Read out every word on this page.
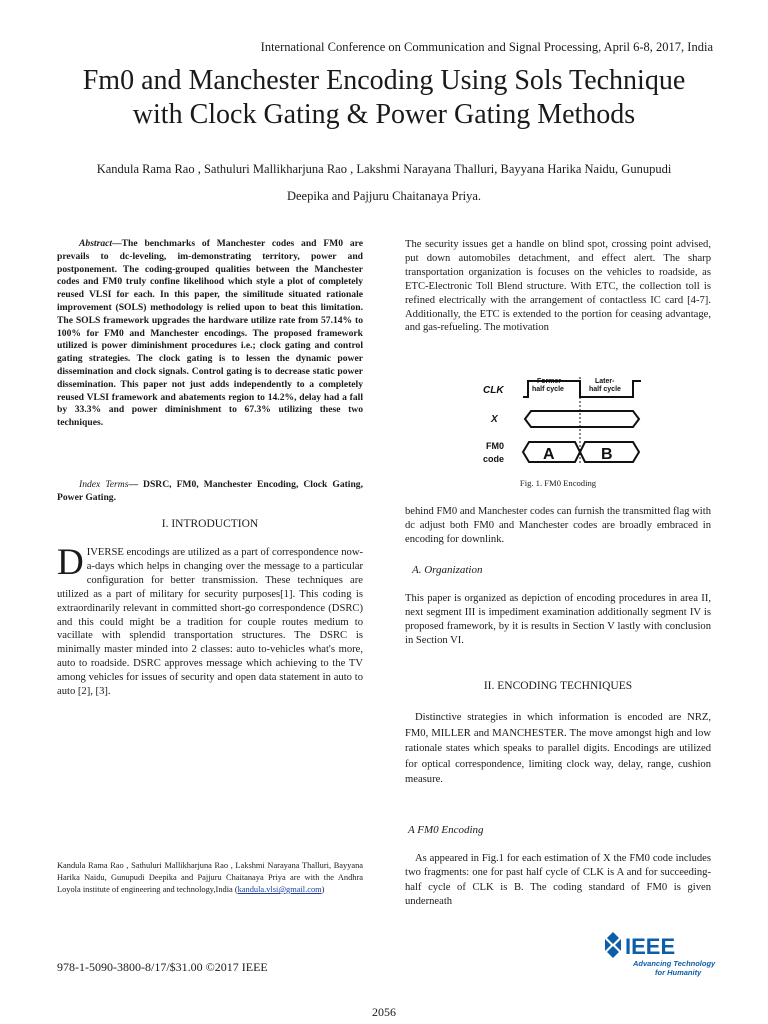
International Conference on Communication and Signal Processing, April 6-8, 2017, India
Fm0 and Manchester Encoding Using Sols Technique
with Clock Gating & Power Gating Methods
Kandula Rama Rao , Sathuluri Mallikharjuna Rao , Lakshmi Narayana Thalluri, Bayyana Harika Naidu, Gunupudi
Deepika and Pajjuru Chaitanaya Priya.
Abstract—The benchmarks of Manchester codes and FM0 are prevails to dc-leveling, im-demonstrating territory, power and postponement. The coding-grouped qualities between the Manchester codes and FM0 truly confine likelihood which style a plot of completely reused VLSI for each. In this paper, the similitude situated rationale improvement (SOLS) methodology is relied upon to beat this limitation. The SOLS framework upgrades the hardware utilize rate from 57.14% to 100% for FM0 and Manchester encodings. The proposed framework utilized is power diminishment procedures i.e.; clock gating and control gating strategies. The clock gating is to lessen the dynamic power dissemination and clock signals. Control gating is to decrease static power dissemination. This paper not just adds independently to a completely reused VLSI framework and abatements region to 14.2%, delay had a fall by 33.3% and power diminishment to 67.3% utilizing these two techniques.
Index Terms— DSRC, FM0, Manchester Encoding, Clock Gating, Power Gating.
I. INTRODUCTION

DIVERSE encodings are utilized as a part of correspondence now-a-days which helps in changing over the message to a particular configuration for better transmission. These techniques are utilized as a part of military for security purposes[1]. This coding is extraordinarily relevant in committed short-go correspondence (DSRC) and this could might be a tradition for couple routes medium to vacillate with splendid transportation structures. The DSRC is minimally master minded into 2 classes: auto to-vehicles what's more, auto to roadside. DSRC approves message which achieving to the TV among vehicles for issues of security and open data statement in auto to auto [2], [3].

Kandula Rama Rao , Sathuluri Mallikharjuna Rao , Lakshmi Narayana Thalluri, Bayyana Harika Naidu, Gunupudi Deepika and Pajjuru Chaitanaya Priya are with the Andhra Loyola institute of engineering and technology,India (kandula.vlsi@gmail.com)
978-1-5090-3800-8/17/$31.00 ©2017 IEEE
The security issues get a handle on blind spot, crossing point advised, put down automobiles detachment, and effect alert. The sharp transportation organization is focuses on the vehicles to roadside, as ETC-Electronic Toll Blend structure. With ETC, the collection toll is refined electrically with the arrangement of contactless IC card [4-7]. Additionally, the ETC is extended to the portion for ceasing advantage, and gas-refueling. The motivation
CLK
X
FM0
code
Former-
half cycle
Later-
half cycle
A	B
Fig. 1. FM0 Encoding
behind FM0 and Manchester codes can furnish the transmitted flag with dc adjust both FM0 and Manchester codes are broadly embraced in encoding for downlink.
A. Organization
This paper is organized as depiction of encoding procedures in area II, next segment III is impediment examination additionally segment IV is proposed framework, by it is results in Section V lastly with conclusion in Section VI.
II. ENCODING TECHNIQUES
Distinctive strategies in which information is encoded are NRZ, FM0, MILLER and MANCHESTER. The move amongst high and low rationale states which speaks to parallel digits. Encodings are utilized for optical correspondence, limiting clock way, delay, range, cushion measure.
A FM0 Encoding
As appeared in Fig.1 for each estimation of X the FM0 code includes two fragments: one for past half cycle of CLK is A and for succeeding-half cycle of CLK is B. The coding standard of FM0 is given underneath
IEEE
Advancing Technology
for Humanity
2056
